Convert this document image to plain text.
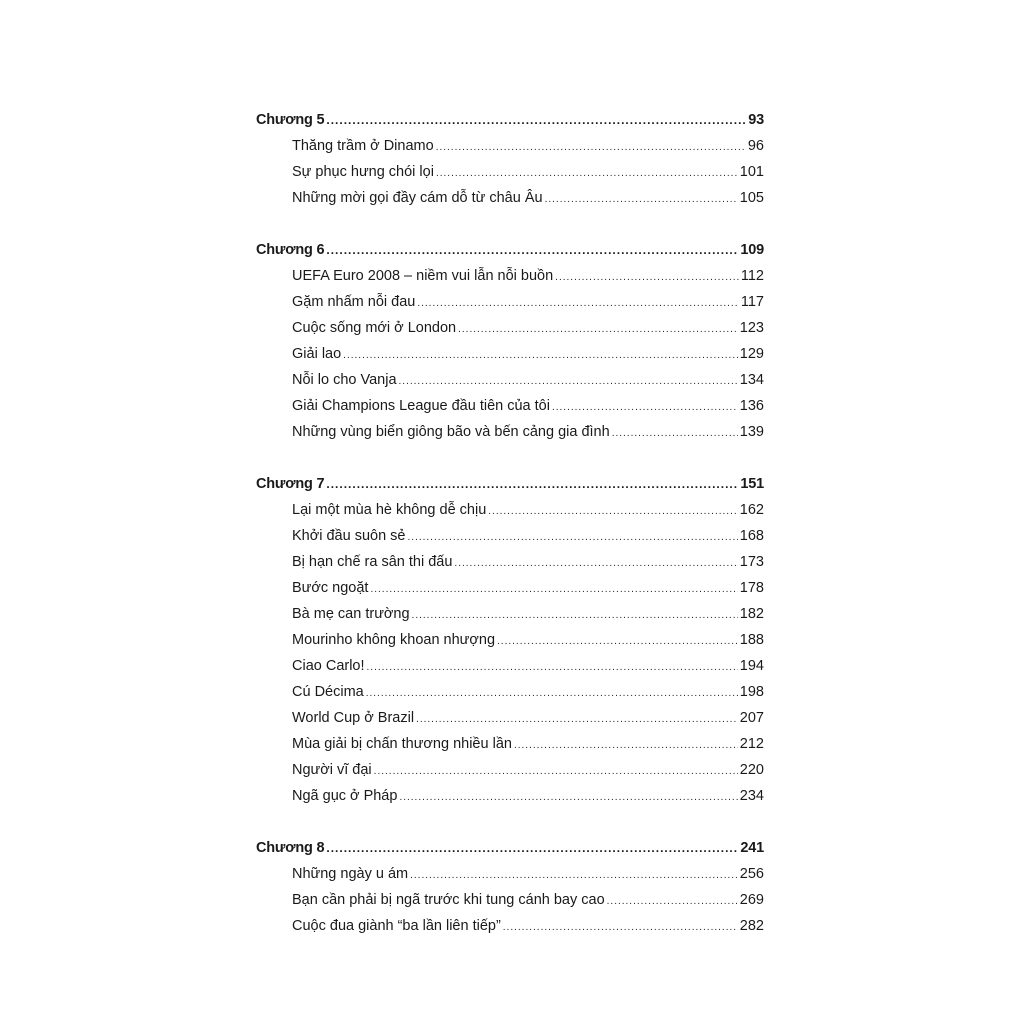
Chương 5 .....	93
Thăng trầm ở Dinamo .....	96
Sự phục hưng chói lọi .....	101
Những mời gọi đầy cám dỗ từ châu Âu .....	105
Chương 6 .....	109
UEFA Euro 2008 – niềm vui lẫn nỗi buồn .....	112
Gặm nhấm nỗi đau .....	117
Cuộc sống mới ở London .....	123
Giải lao .....	129
Nỗi lo cho Vanja .....	134
Giải Champions League đầu tiên của tôi .....	136
Những vùng biển giông bão và bến cảng gia đình .....	139
Chương 7 .....	151
Lại một mùa hè không dễ chịu .....	162
Khởi đầu suôn sẻ .....	168
Bị hạn chế ra sân thi đấu .....	173
Bước ngoặt .....	178
Bà mẹ can trường .....	182
Mourinho không khoan nhượng .....	188
Ciao Carlo! .....	194
Cú Décima .....	198
World Cup ở Brazil .....	207
Mùa giải bị chấn thương nhiều lần .....	212
Người vĩ đại .....	220
Ngã gục ở Pháp .....	234
Chương 8 .....	241
Những ngày u ám .....	256
Bạn cần phải bị ngã trước khi tung cánh bay cao .....	269
Cuộc đua giành “ba lần liên tiếp” .....	282
